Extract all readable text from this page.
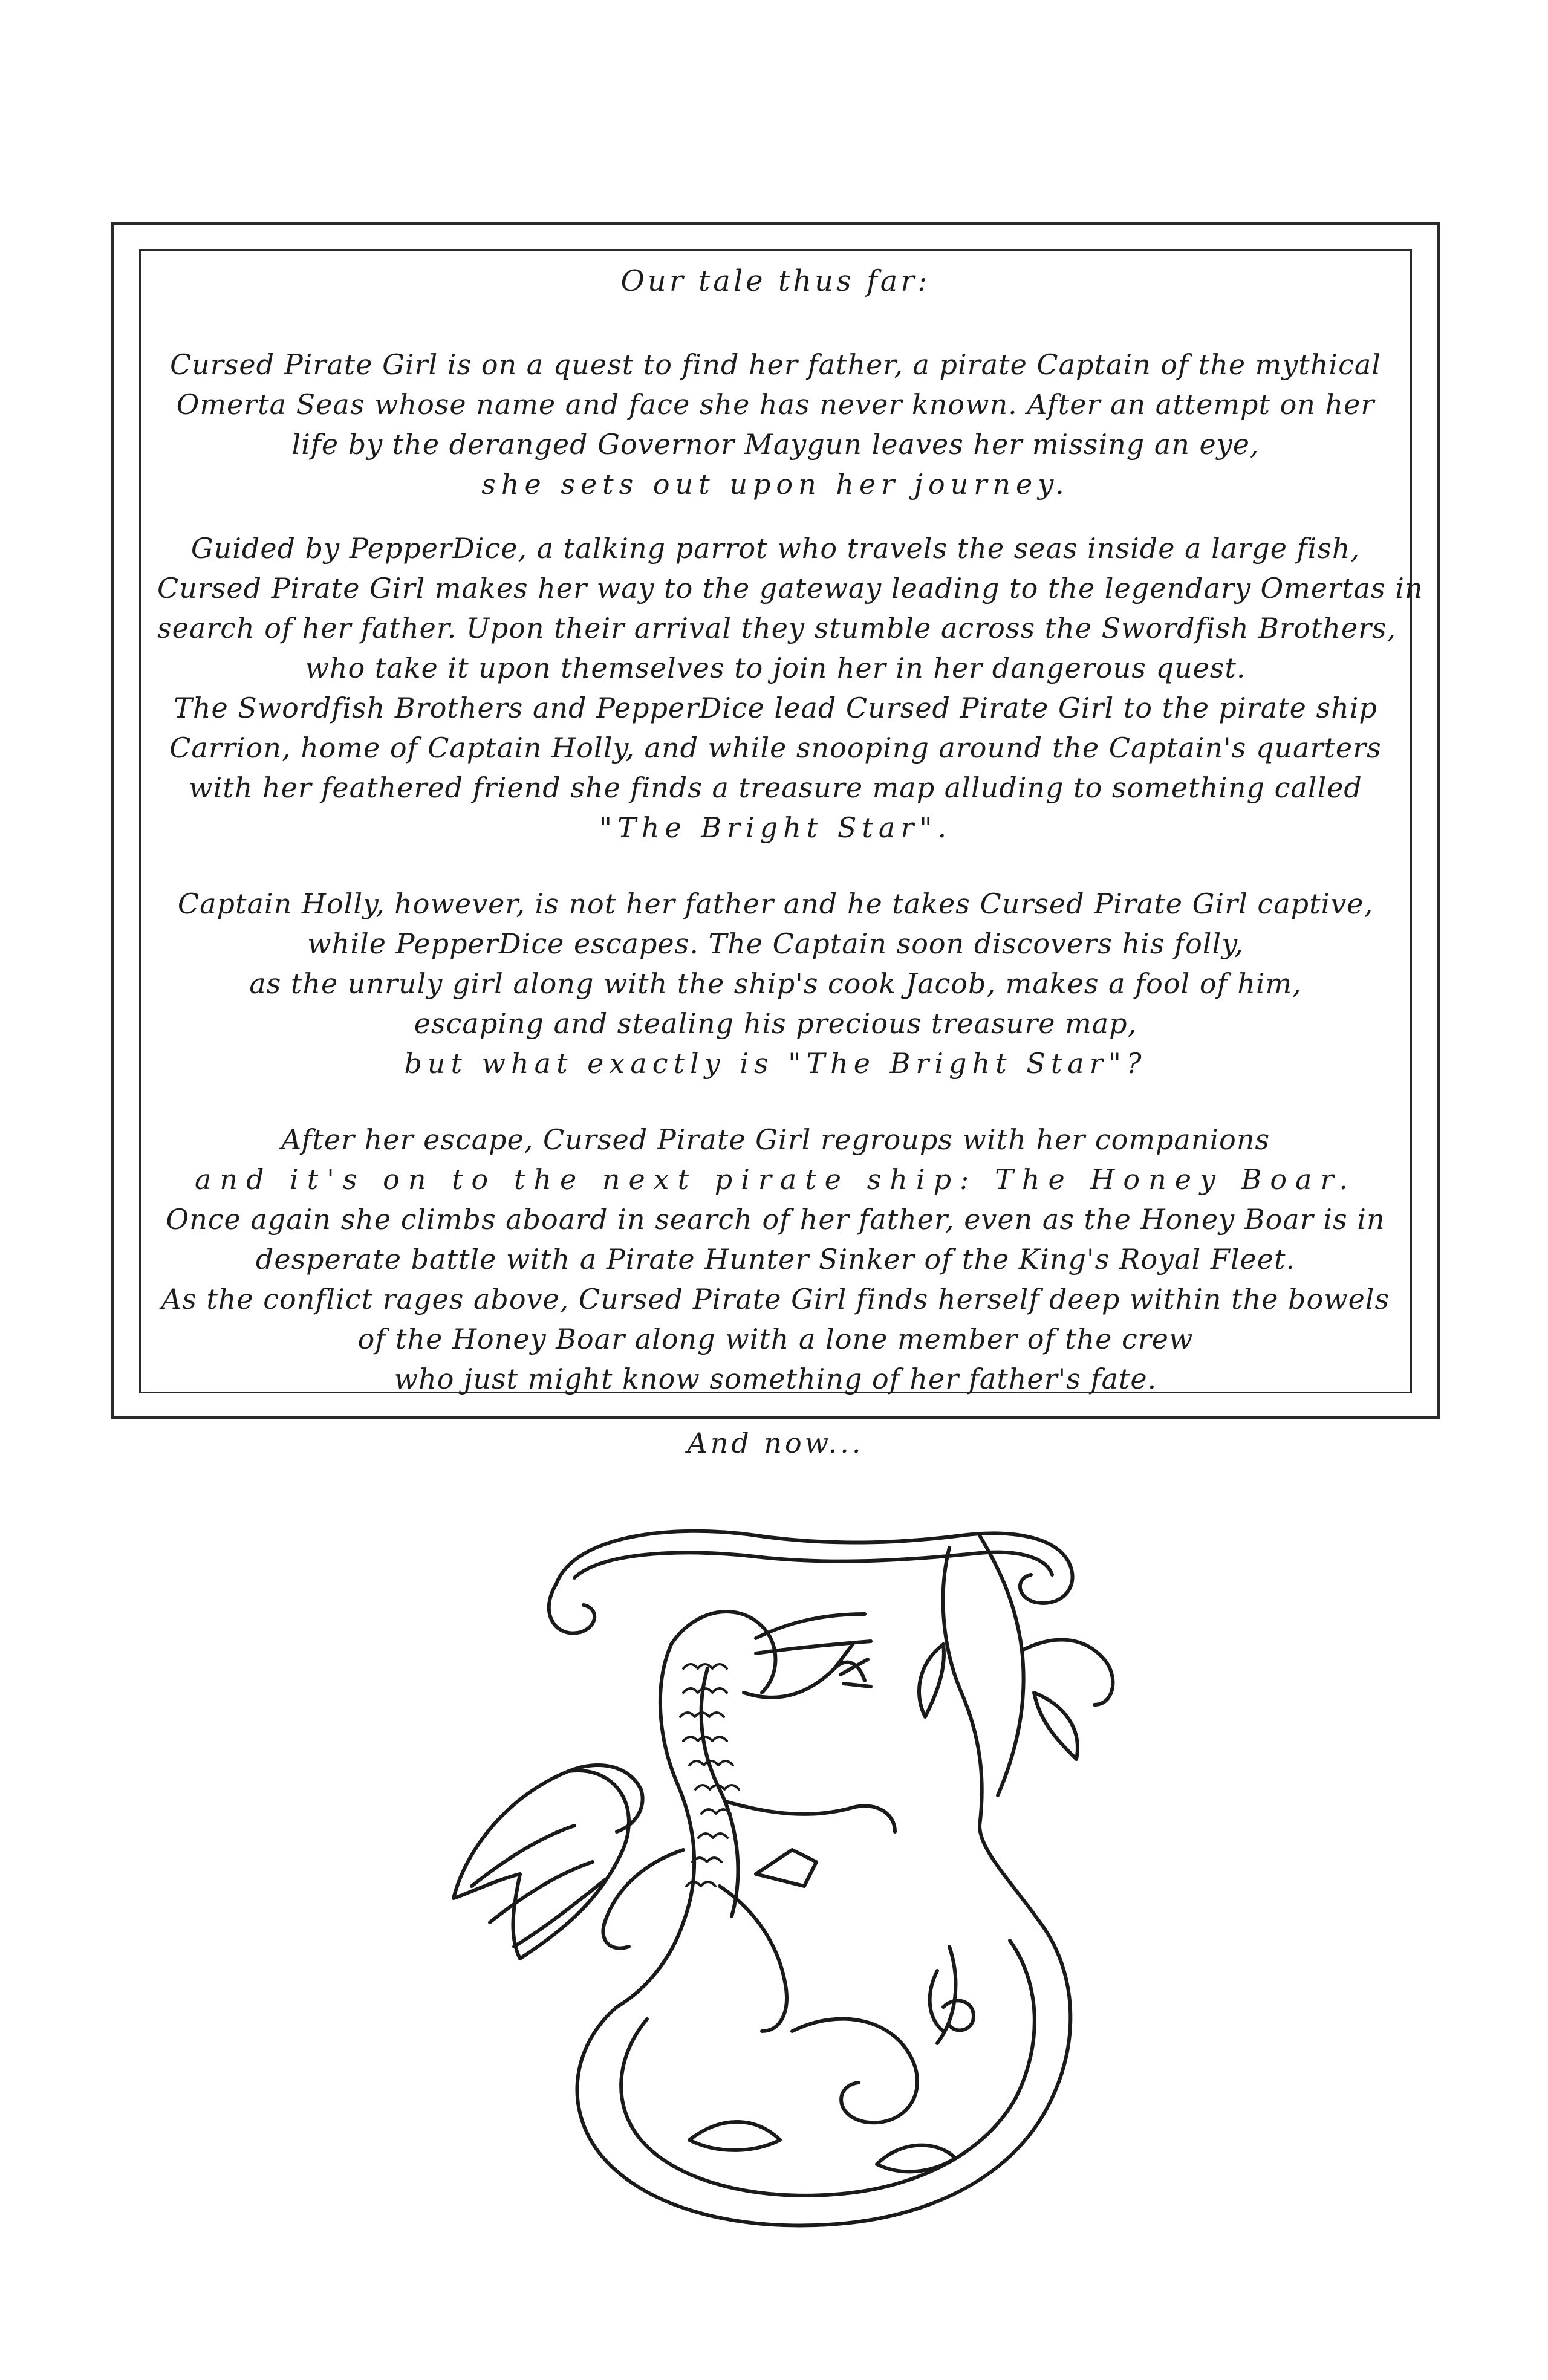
Our tale thus far:

Cursed Pirate Girl is on a quest to find her father, a pirate Captain of the mythical
Omerta Seas whose name and face she has never known. After an attempt on her
life by the deranged Governor Maygun leaves her missing an eye,
she sets out upon her journey.

Guided by PepperDice, a talking parrot who travels the seas inside a large fish,
Cursed Pirate Girl makes her way to the gateway leading to the legendary Omertas in
search of her father. Upon their arrival they stumble across the Swordfish Brothers,
who take it upon themselves to join her in her dangerous quest.
The Swordfish Brothers and PepperDice lead Cursed Pirate Girl to the pirate ship
Carrion, home of Captain Holly, and while snooping around the Captain's quarters
with her feathered friend she finds a treasure map alluding to something called
"The Bright Star".

Captain Holly, however, is not her father and he takes Cursed Pirate Girl captive,
while PepperDice escapes. The Captain soon discovers his folly,
as the unruly girl along with the ship's cook Jacob, makes a fool of him,
escaping and stealing his precious treasure map,
but what exactly is "The Bright Star"?

After her escape, Cursed Pirate Girl regroups with her companions
and it's on to the next pirate ship: The Honey Boar.
Once again she climbs aboard in search of her father, even as the Honey Boar is in
desperate battle with a Pirate Hunter Sinker of the King's Royal Fleet.
As the conflict rages above, Cursed Pirate Girl finds herself deep within the bowels
of the Honey Boar along with a lone member of the crew
who just might know something of her father's fate.

And now...
